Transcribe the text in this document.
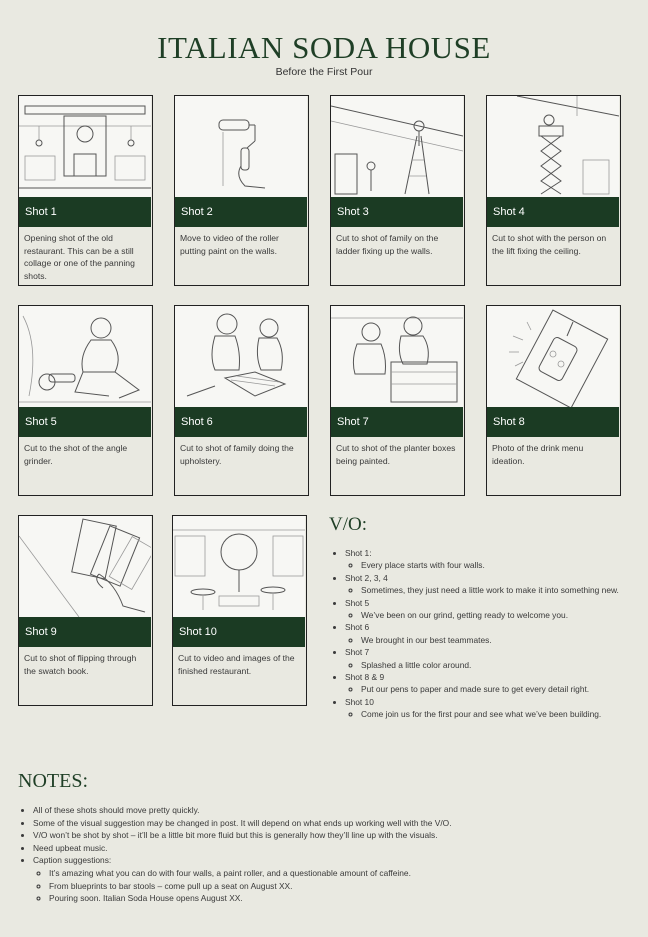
ITALIAN SODA HOUSE
Before the First Pour
Shot 1
Opening shot of the old restaurant. This can be a still collage or one of the panning shots.
Shot 2
Move to video of the roller putting paint on the walls.
Shot 3
Cut to shot of family on the ladder fixing up the walls.
Shot 4
Cut to shot with the person on the lift fixing the ceiling.
Shot 5
Cut to the shot of the angle grinder.
Shot 6
Cut to shot of family doing the upholstery.
Shot 7
Cut to shot of the planter boxes being painted.
Shot 8
Photo of the drink menu ideation.
Shot 9
Cut to shot of flipping through the swatch book.
Shot 10
Cut to video and images of the finished restaurant.
V/O:
• Shot 1:
◦ Every place starts with four walls.
• Shot 2, 3, 4
◦ Sometimes, they just need a little work to make it into something new.
• Shot 5
◦ We’ve been on our grind, getting ready to welcome you.
• Shot 6
◦ We brought in our best teammates.
• Shot 7
◦ Splashed a little color around.
• Shot 8 & 9
◦ Put our pens to paper and made sure to get every detail right.
• Shot 10
◦ Come join us for the first pour and see what we’ve been building.
NOTES:
• All of these shots should move pretty quickly.
• Some of the visual suggestion may be changed in post. It will depend on what ends up working well with the V/O.
• V/O won’t be shot by shot – it’ll be a little bit more fluid but this is generally how they’ll line up with the visuals.
• Need upbeat music.
• Caption suggestions:
◦ It’s amazing what you can do with four walls, a paint roller, and a questionable amount of caffeine.
◦ From blueprints to bar stools – come pull up a seat on August XX.
◦ Pouring soon. Italian Soda House opens August XX.
